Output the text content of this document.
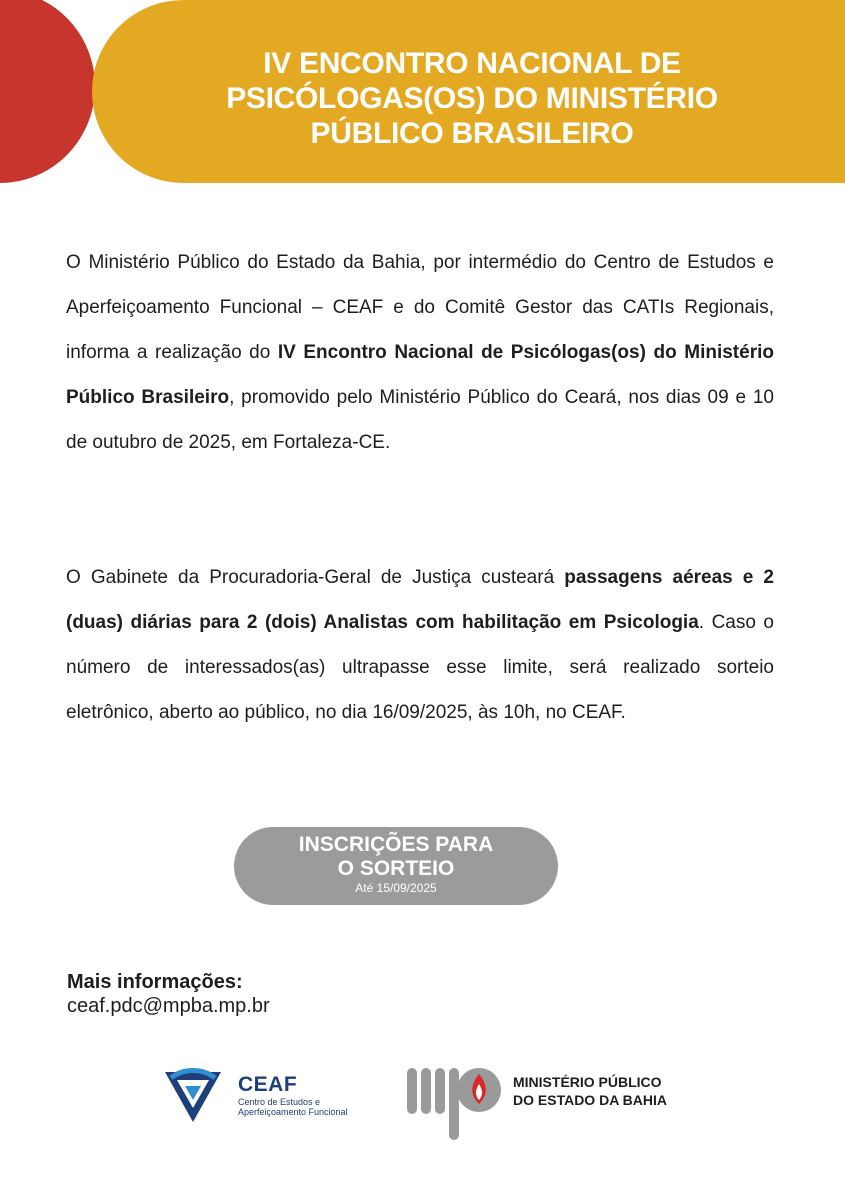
IV ENCONTRO NACIONAL DE
PSICÓLOGAS(OS) DO MINISTÉRIO
PÚBLICO BRASILEIRO
O Ministério Público do Estado da Bahia, por intermédio do Centro de Estudos e Aperfeiçoamento Funcional – CEAF e do Comitê Gestor das CATIs Regionais, informa a realização do IV Encontro Nacional de Psicólogas(os) do Ministério Público Brasileiro, promovido pelo Ministério Público do Ceará, nos dias 09 e 10 de outubro de 2025, em Fortaleza-CE.
O Gabinete da Procuradoria-Geral de Justiça custeará passagens aéreas e 2 (duas) diárias para 2 (dois) Analistas com habilitação em Psicologia. Caso o número de interessados(as) ultrapasse esse limite, será realizado sorteio eletrônico, aberto ao público, no dia 16/09/2025, às 10h, no CEAF.
INSCRIÇÕES PARA
O SORTEIO
Até 15/09/2025
Mais informações:
ceaf.pdc@mpba.mp.br
CEAF
Centro de Estudos e
Aperfeiçoamento Funcional
MINISTÉRIO PÚBLICO
DO ESTADO DA BAHIA
